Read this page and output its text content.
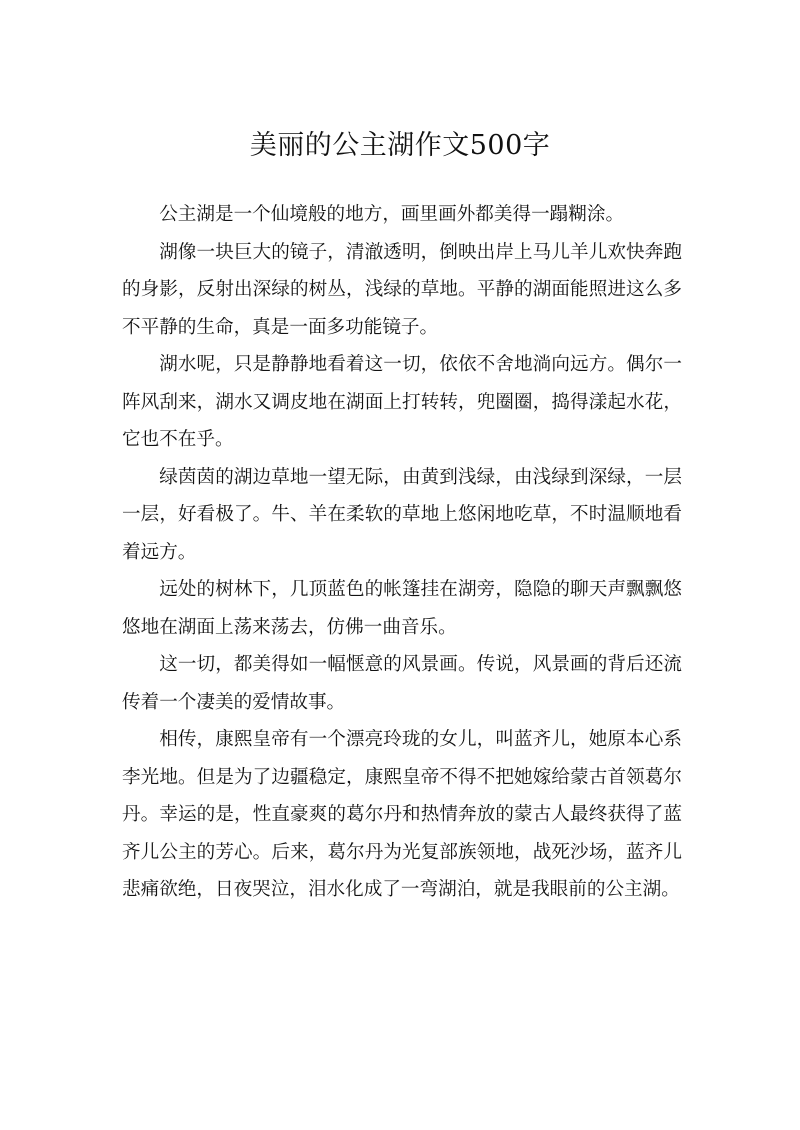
美丽的公主湖作文500字

公主湖是一个仙境般的地方，画里画外都美得一蹋糊涂。

湖像一块巨大的镜子，清澈透明，倒映出岸上马儿羊儿欢快奔跑的身影，反射出深绿的树丛，浅绿的草地。平静的湖面能照进这么多不平静的生命，真是一面多功能镜子。

湖水呢，只是静静地看着这一切，依依不舍地淌向远方。偶尔一阵风刮来，湖水又调皮地在湖面上打转转，兜圈圈，捣得漾起水花，它也不在乎。

绿茵茵的湖边草地一望无际，由黄到浅绿，由浅绿到深绿，一层一层，好看极了。牛、羊在柔软的草地上悠闲地吃草，不时温顺地看着远方。

远处的树林下，几顶蓝色的帐篷挂在湖旁，隐隐的聊天声飘飘悠悠地在湖面上荡来荡去，仿佛一曲音乐。

这一切，都美得如一幅惬意的风景画。传说，风景画的背后还流传着一个凄美的爱情故事。

相传，康熙皇帝有一个漂亮玲珑的女儿，叫蓝齐儿，她原本心系李光地。但是为了边疆稳定，康熙皇帝不得不把她嫁给蒙古首领葛尔丹。幸运的是，性直豪爽的葛尔丹和热情奔放的蒙古人最终获得了蓝齐儿公主的芳心。后来，葛尔丹为光复部族领地，战死沙场，蓝齐儿悲痛欲绝，日夜哭泣，泪水化成了一弯湖泊，就是我眼前的公主湖。
